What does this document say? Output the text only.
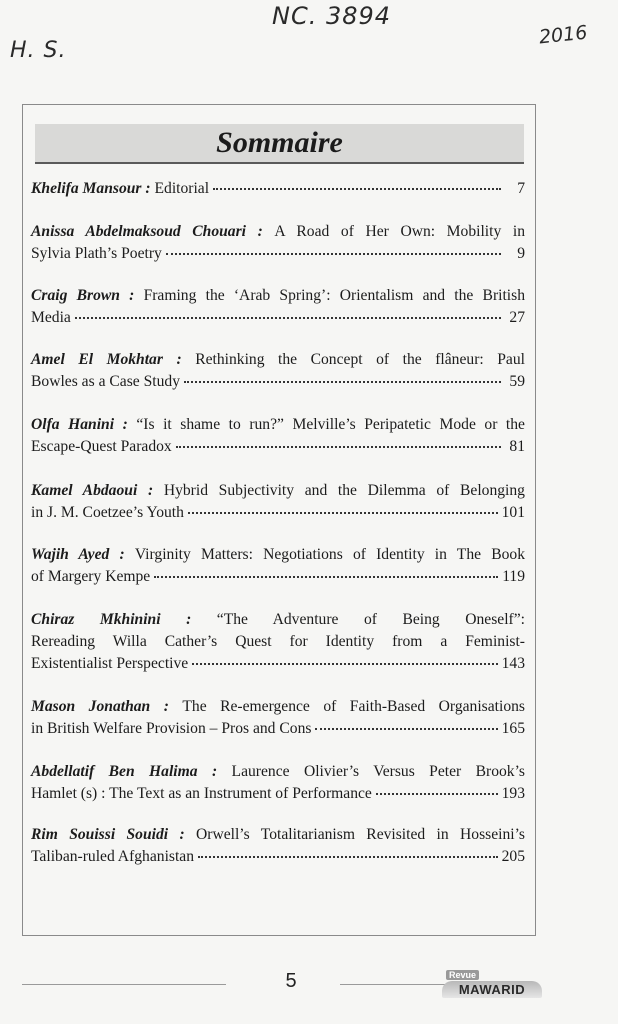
H. S.
NC. 3894
2016
Sommaire
Khelifa Mansour : Editorial	7
Anissa Abdelmaksoud Chouari : A Road of Her Own: Mobility in
Sylvia Plath’s Poetry	9
Craig Brown : Framing the ‘Arab Spring’: Orientalism and the British
Media	27
Amel El Mokhtar : Rethinking the Concept of the flâneur: Paul
Bowles as a Case Study	59
Olfa Hanini : “Is it shame to run?” Melville’s Peripatetic Mode or the
Escape-Quest Paradox	81
Kamel Abdaoui : Hybrid Subjectivity and the Dilemma of Belonging
in J. M. Coetzee’s Youth	101
Wajih Ayed : Virginity Matters: Negotiations of Identity in The Book
of Margery Kempe	119
Chiraz Mkhinini : “The Adventure of Being Oneself”:
Rereading Willa Cather’s Quest for Identity from a Feminist-
Existentialist Perspective	143
Mason Jonathan : The Re-emergence of Faith-Based Organisations
in British Welfare Provision – Pros and Cons	165
Abdellatif Ben Halima : Laurence Olivier’s Versus Peter Brook’s
Hamlet (s) : The Text as an Instrument of Performance	193
Rim Souissi Souidi : Orwell’s Totalitarianism Revisited in Hosseini’s
Taliban-ruled Afghanistan	205
5	Revue
MAWARID
